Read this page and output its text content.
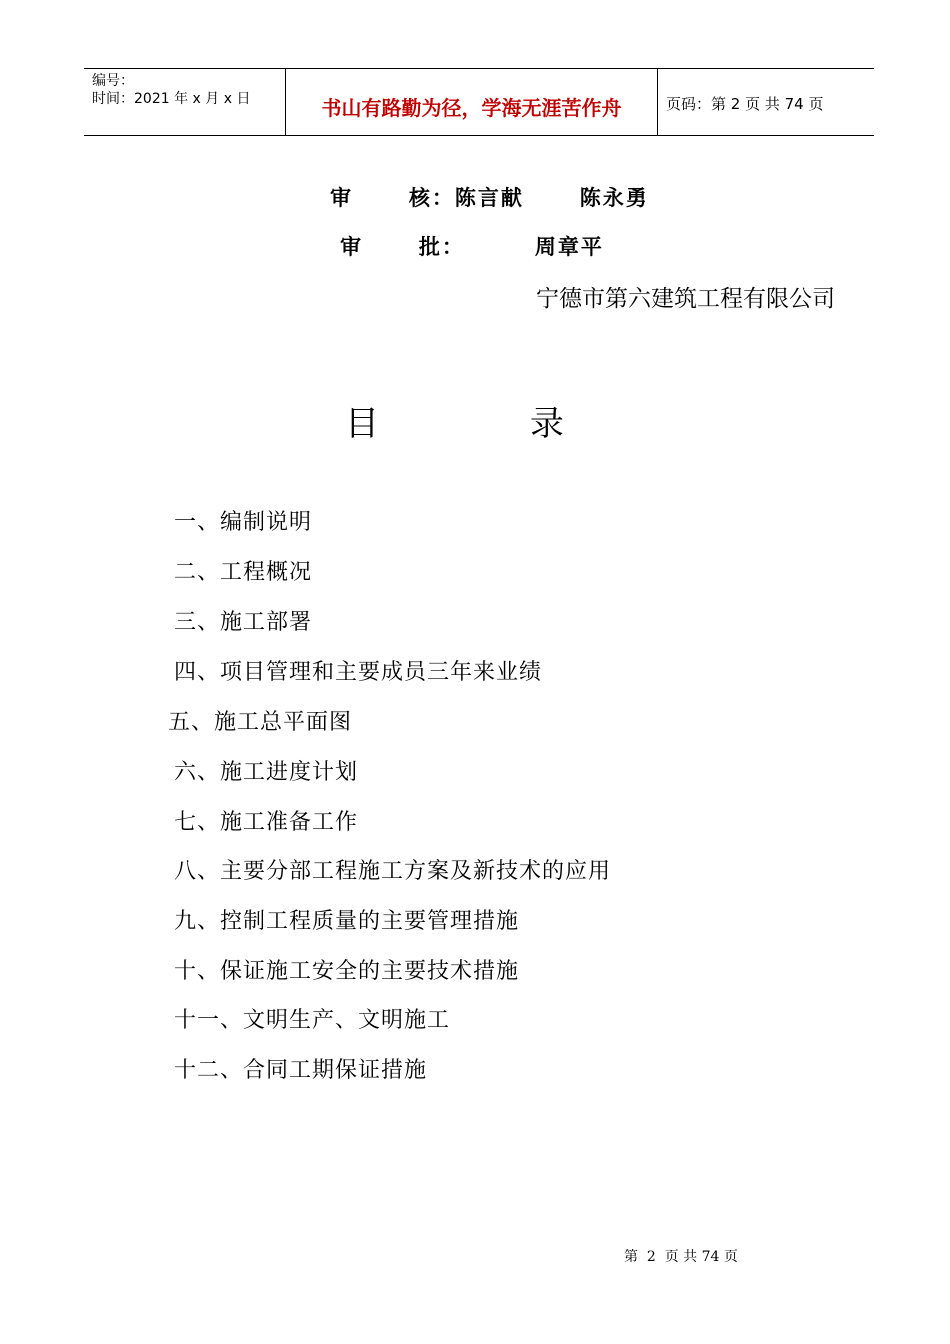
编号：
时间：2021 年 x 月 x 日	书山有路勤为径，学海无涯苦作舟	页码：第 2 页 共 74 页
审      核：陈言献      陈永勇
审      批：	周章平
宁德市第六建筑工程有限公司
目	录
一、编制说明
二、工程概况
三、施工部署
四、项目管理和主要成员三年来业绩
五、施工总平面图
六、施工进度计划
七、施工准备工作
八、主要分部工程施工方案及新技术的应用
九、控制工程质量的主要管理措施
十、保证施工安全的主要技术措施
十一、文明生产、文明施工
十二、合同工期保证措施
第  2  页 共 74 页
